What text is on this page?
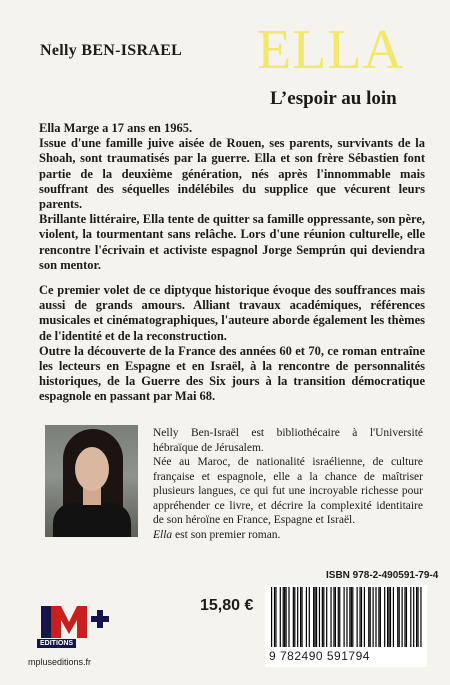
Nelly BEN-ISRAEL ELLA
L’espoir au loin

Ella Marge a 17 ans en 1965.

Issue d'une famille juive aisée de Rouen, ses parents, survivants de la Shoah, sont traumatisés par la guerre. Ella et son frère Sébastien font partie de la deuxième génération, nés après l'innommable mais souffrant des séquelles indélébiles du supplice que vécurent leurs parents.

Brillante littéraire, Ella tente de quitter sa famille oppressante, son père, violent, la tourmentant sans relâche. Lors d'une réunion culturelle, elle rencontre l'écrivain et activiste espagnol Jorge Semprún qui deviendra son mentor.

Ce premier volet de ce diptyque historique évoque des souffrances mais aussi de grands amours. Alliant travaux académiques, références musicales et cinématographiques, l'auteure aborde également les thèmes de l'identité et de la reconstruction.

Outre la découverte de la France des années 60 et 70, ce roman entraîne les lecteurs en Espagne et en Israël, à la rencontre de personnalités historiques, de la Guerre des Six jours à la transition démocratique espagnole en passant par Mai 68.

Nelly Ben-Israël est bibliothécaire à l'Université hébraïque de Jérusalem.

Née au Maroc, de nationalité israélienne, de culture française et espagnole, elle a la chance de maîtriser plusieurs langues, ce qui fut une incroyable richesse pour appréhender ce livre, et décrire la complexité identitaire de son héroïne en France, Espagne et Israël.

Ella est son premier roman.

ISBN 978-2-490591-79-4
15,80 €
9 782490 591794
EDITIONS
mpluseditions.fr
